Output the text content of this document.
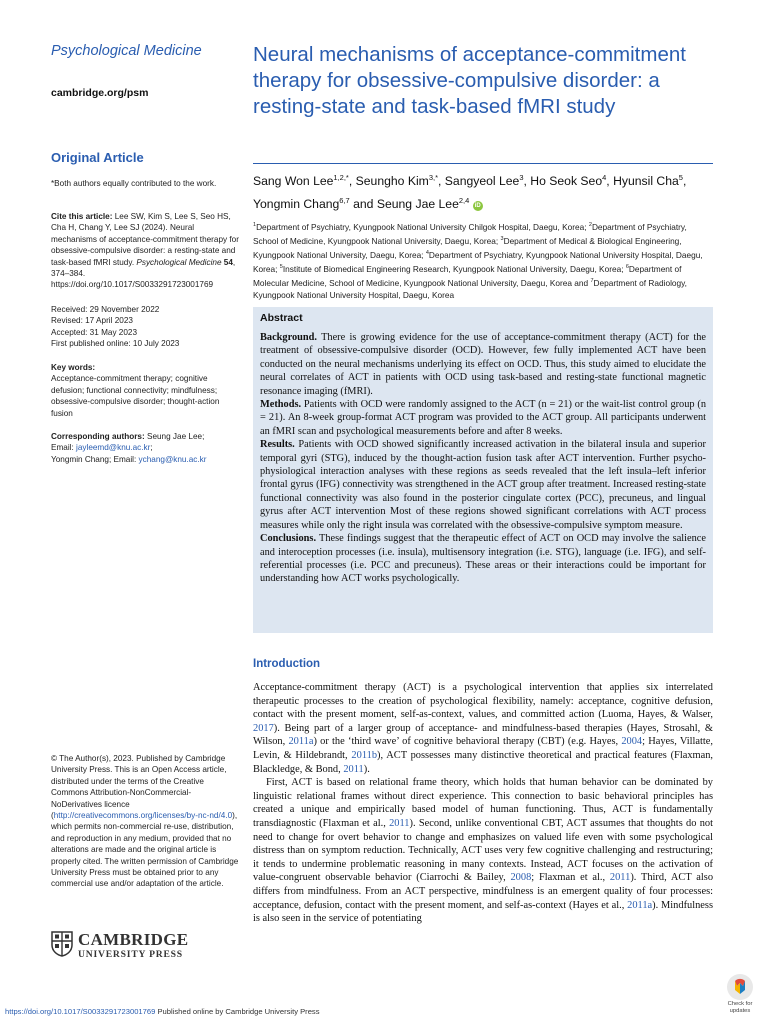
Psychological Medicine
cambridge.org/psm
Neural mechanisms of acceptance-commitment therapy for obsessive-compulsive disorder: a resting-state and task-based fMRI study
Original Article
Sang Won Lee$^{1,2,*}$, Seungho Kim$^{3,*}$, Sangyeol Lee$^3$, Ho Seok Seo$^4$, Hyunsil Cha$^5$, Yongmin Chang$^{6,7}$ and Seung Jae Lee$^{2,4}$ iD
$^1$Department of Psychiatry, Kyungpook National University Chilgok Hospital, Daegu, Korea; $^2$Department of Psychiatry, School of Medicine, Kyungpook National University, Daegu, Korea; $^3$Department of Medical & Biological Engineering, Kyungpook National University, Daegu, Korea; $^4$Department of Psychiatry, Kyungpook National University Hospital, Daegu, Korea; $^5$Institute of Biomedical Engineering Research, Kyungpook National University, Daegu, Korea; $^6$Department of Molecular Medicine, School of Medicine, Kyungpook National University, Daegu, Korea and $^7$Department of Radiology, Kyungpook National University Hospital, Daegu, Korea
*Both authors equally contributed to the work.
Cite this article: Lee SW, Kim S, Lee S, Seo HS, Cha H, Chang Y, Lee SJ (2024). Neural mechanisms of acceptance-commitment therapy for obsessive-compulsive disorder: a resting-state and task-based fMRI study. Psychological Medicine 54, 374–384. https://doi.org/10.1017/S0033291723001769
Received: 29 November 2022
Revised: 17 April 2023
Accepted: 31 May 2023
First published online: 10 July 2023
Key words:
Acceptance-commitment therapy; cognitive defusion; functional connectivity; mindfulness; obsessive-compulsive disorder; thought-action fusion
Corresponding authors: Seung Jae Lee;
Email: jayleemd@knu.ac.kr;
Yongmin Chang; Email: ychang@knu.ac.kr
© The Author(s), 2023. Published by Cambridge University Press. This is an Open Access article, distributed under the terms of the Creative Commons Attribution-NonCommercial-NoDerivatives licence (http://creativecommons.org/licenses/by-nc-nd/4.0), which permits non-commercial re-use, distribution, and reproduction in any medium, provided that no alterations are made and the original article is properly cited. The written permission of Cambridge University Press must be obtained prior to any commercial use and/or adaptation of the article.
CAMBRIDGE
UNIVERSITY PRESS
Abstract

Background. There is growing evidence for the use of acceptance-commitment therapy (ACT) for the treatment of obsessive-compulsive disorder (OCD). However, few fully implemented ACT have been conducted on the neural mechanisms underlying its effect on OCD. Thus, this study aimed to elucidate the neural correlates of ACT in patients with OCD using task-based and resting-state functional magnetic resonance imaging (fMRI).

Methods. Patients with OCD were randomly assigned to the ACT (n = 21) or the wait-list control group (n = 21). An 8-week group-format ACT program was provided to the ACT group. All participants underwent an fMRI scan and psychological measurements before and after 8 weeks.

Results. Patients with OCD showed significantly increased activation in the bilateral insula and superior temporal gyri (STG), induced by the thought-action fusion task after ACT intervention. Further psycho-physiological interaction analyses with these regions as seeds revealed that the left insula–left inferior frontal gyrus (IFG) connectivity was strengthened in the ACT group after treatment. Increased resting-state functional connectivity was also found in the posterior cingulate cortex (PCC), precuneus, and lingual gyrus after ACT intervention Most of these regions showed significant correlations with ACT process measures while only the right insula was correlated with the obsessive-compulsive symptom measure.

Conclusions. These findings suggest that the therapeutic effect of ACT on OCD may involve the salience and interoception processes (i.e. insula), multisensory integration (i.e. STG), language (i.e. IFG), and self-referential processes (i.e. PCC and precuneus). These areas or their interactions could be important for understanding how ACT works psychologically.

Introduction

Acceptance-commitment therapy (ACT) is a psychological intervention that applies six interrelated therapeutic processes to the creation of psychological flexibility, namely: acceptance, cognitive defusion, contact with the present moment, self-as-context, values, and committed action (Luoma, Hayes, & Walser, 2017). Being part of a larger group of acceptance- and mindfulness-based therapies (Hayes, Strosahl, & Wilson, 2011a) or the ‘third wave’ of cognitive behavioral therapy (CBT) (e.g. Hayes, 2004; Hayes, Villatte, Levin, & Hildebrandt, 2011b), ACT possesses many distinctive theoretical and practical features (Flaxman, Blackledge, & Bond, 2011).

First, ACT is based on relational frame theory, which holds that human behavior can be dominated by linguistic relational frames without direct experience. This connection to basic behavioral principles has created a unique and empirically based model of human functioning. Thus, ACT is fundamentally transdiagnostic (Flaxman et al., 2011). Second, unlike conventional CBT, ACT assumes that thoughts do not need to change for overt behavior to change and emphasizes on valued life even with some psychological distress than on symptom reduction. Technically, ACT uses very few cognitive challenging and restructuring; it tends to undermine problematic reasoning in many contexts. Instead, ACT focuses on the activation of value-congruent observable behavior (Ciarrochi & Bailey, 2008; Flaxman et al., 2011). Third, ACT also differs from mindfulness. From an ACT perspective, mindfulness is an emergent quality of four processes: acceptance, defusion, contact with the present moment, and self-as-context (Hayes et al., 2011a). Mindfulness is also seen in the service of potentiating

https://doi.org/10.1017/S0033291723001769 Published online by Cambridge University Press
Check for
updates
